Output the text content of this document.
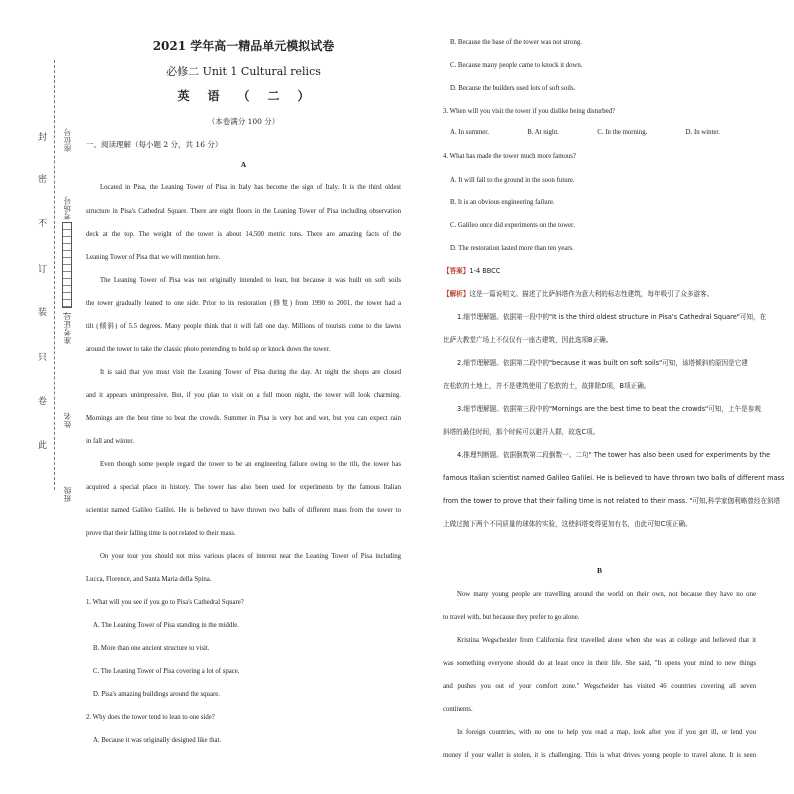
封
密
不
订
装
只
卷
此
座位号
考场号
准考证号
姓名
班级
2021 学年高一精品单元模拟试卷
必修二 Unit 1 Cultural relics
英语（二）
（本卷满分 100 分）
一、阅读理解（每小题 2 分，共 16 分）
A
Located in Pisa, the Leaning Tower of Pisa in Italy has become the sign of Italy. It is the third oldest
structure in Pisa's Cathedral Square. There are eight floors in the Leaning Tower of Pisa including observation
deck at the top. The weight of the tower is about 14,500 metric tons. There are amazing facts of the
Leaning Tower of Pisa that we will mention here.
The Leaning Tower of Pisa was not originally intended to lean, but because it was built on soft soils
the tower gradually leaned to one side. Prior to its restoration (修复) from 1990 to 2001, the tower had a
tilt (倾斜) of 5.5 degrees. Many people think that it will fall one day. Millions of tourists come to the lawns
around the tower to take the classic photo pretending to hold up or knock down the tower.
It is said that you must visit the Leaning Tower of Pisa during the day. At night the shops are closed
and it appears unimpressive. But, if you plan to visit on a full moon night, the tower will look charming.
Mornings are the best time to beat the crowds. Summer in Pisa is very hot and wet, but you can expect rain
in fall and winter.
Even though some people regard the tower to be an engineering failure owing to the tilt, the tower has
acquired a special place in history. The tower has also been used for experiments by the famous Italian
scientist named Galileo Galilei. He is believed to have thrown two balls of different mass from the tower to
prove that their falling time is not related to their mass.
On your tour you should not miss various places of interest near the Leaning Tower of Pisa including
Lucca, Florence, and Santa Maria della Spina.
1. What will you see if you go to Pisa's Cathedral Square?
A. The Leaning Tower of Pisa standing in the middle.
B. More than one ancient structure to visit.
C. The Leaning Tower of Pisa covering a lot of space.
D. Pisa's amazing buildings around the square.
2. Why does the tower tend to lean to one side?
A. Because it was originally designed like that.
B. Because the base of the tower was not strong.
C. Because many people came to knock it down.
D. Because the builders used lots of soft soils.
3. When will you visit the tower if you dislike being disturbed?
A. In summer.	B. At night.	C. In the morning.	D. In winter.
4. What has made the tower much more famous?
A. It will fall to the ground in the soon future.
B. It is an obvious engineering failure.
C. Galileo once did experiments on the tower.
D. The restoration lasted more than ten years.
【答案】1-4 BBCC
【解析】这是一篇说明文。描述了比萨斜塔作为意大利的标志性建筑，每年吸引了众多游客。
1.细节理解题。依据第一段中的"It is the third oldest structure in Pisa's Cathedral Square"可知，在
比萨大教堂广场上不仅仅有一座古建筑，因此选项B正确。
2.细节理解题。依据第二段中的"because it was built on soft soils"可知，该塔倾斜的原因是它建
在松软的土地上，并不是建筑使用了松软的土，故排除D项，B项正确。
3.细节理解题。依据第三段中的"Mornings are the best time to beat the crowds"可知，上午是参观
斜塔的最佳时间，那个时候可以避开人群，故选C项。
4.推理判断题。依据倒数第二段倒数一、二句" The tower has also been used for experiments by the
famous Italian scientist named Galileo Galilei. He is believed to have thrown two balls of different mass
from the tower to prove that their falling time is not related to their mass. "可知,科学家伽利略曾经在斜塔
上做过抛下两个不同质量的球体的实验，这使斜塔变得更加有名，由此可知C项正确。
B
Now many young people are travelling around the world on their own, not because they have no one
to travel with, but because they prefer to go alone.
Kristina Wegscheider from California first travelled alone when she was at college and believed that it
was something everyone should do at least once in their life. She said, "It opens your mind to new things
and pushes you out of your comfort zone." Wegscheider has visited 46 countries covering all seven
continents.
In foreign countries, with no one to help you read a map, look after you if you get ill, or lend you
money if your wallet is stolen, it is challenging. This is what drives young people to travel alone. It is seen
